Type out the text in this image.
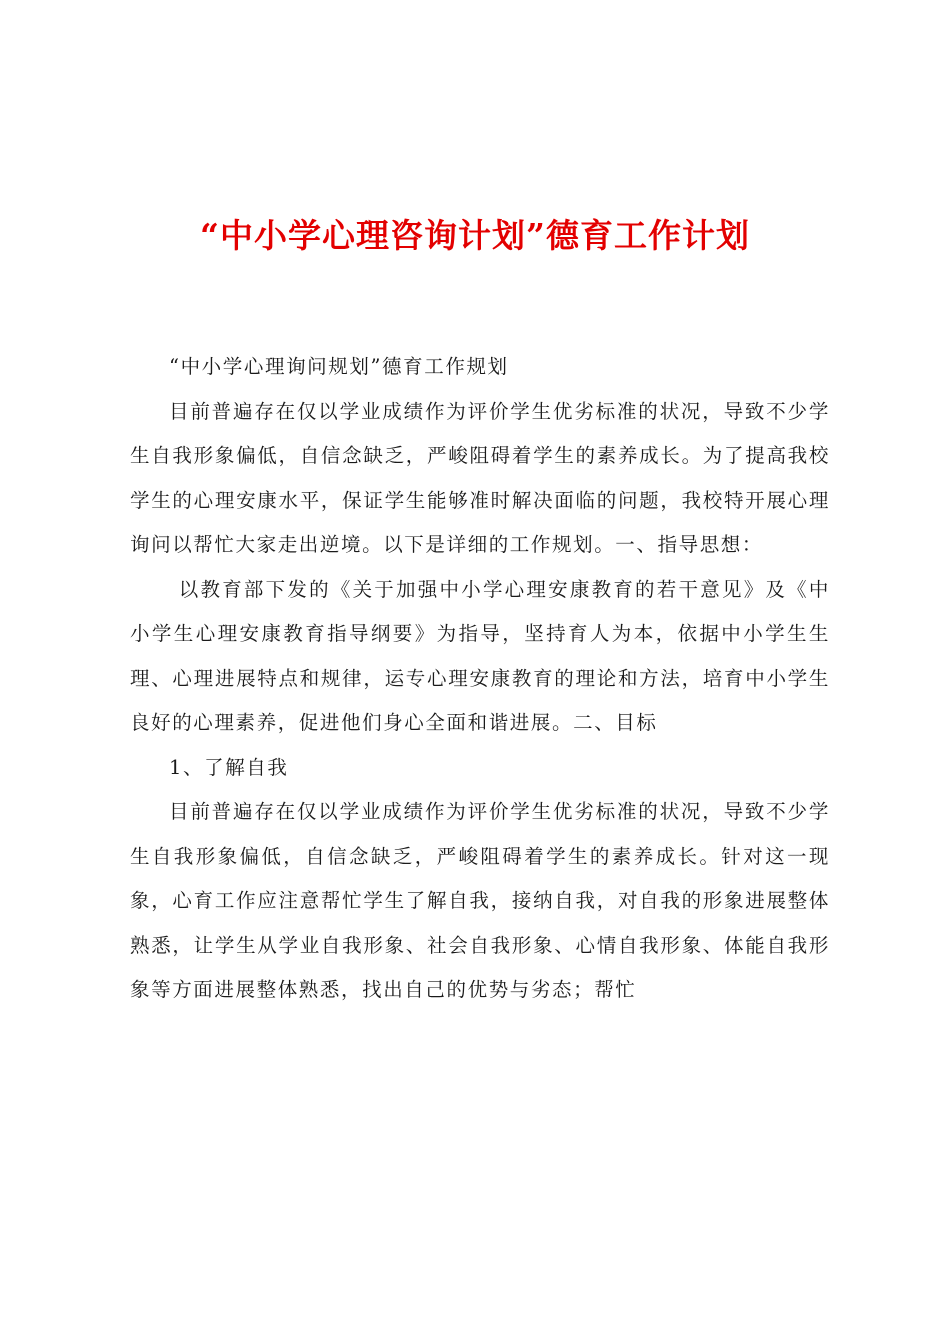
“中小学心理咨询计划”德育工作计划

“中小学心理询问规划”德育工作规划

目前普遍存在仅以学业成绩作为评价学生优劣标准的状况，导致不少学生自我形象偏低，自信念缺乏，严峻阻碍着学生的素养成长。为了提高我校学生的心理安康水平，保证学生能够准时解决面临的问题，我校特开展心理询问以帮忙大家走出逆境。以下是详细的工作规划。一、指导思想：

以教育部下发的《关于加强中小学心理安康教育的若干意见》及《中小学生心理安康教育指导纲要》为指导，坚持育人为本，依据中小学生生理、心理进展特点和规律，运专心理安康教育的理论和方法，培育中小学生良好的心理素养，促进他们身心全面和谐进展。二、目标

1、了解自我

目前普遍存在仅以学业成绩作为评价学生优劣标准的状况，导致不少学生自我形象偏低，自信念缺乏，严峻阻碍着学生的素养成长。针对这一现象，心育工作应注意帮忙学生了解自我，接纳自我，对自我的形象进展整体熟悉，让学生从学业自我形象、社会自我形象、心情自我形象、体能自我形象等方面进展整体熟悉，找出自己的优势与劣态；帮忙
